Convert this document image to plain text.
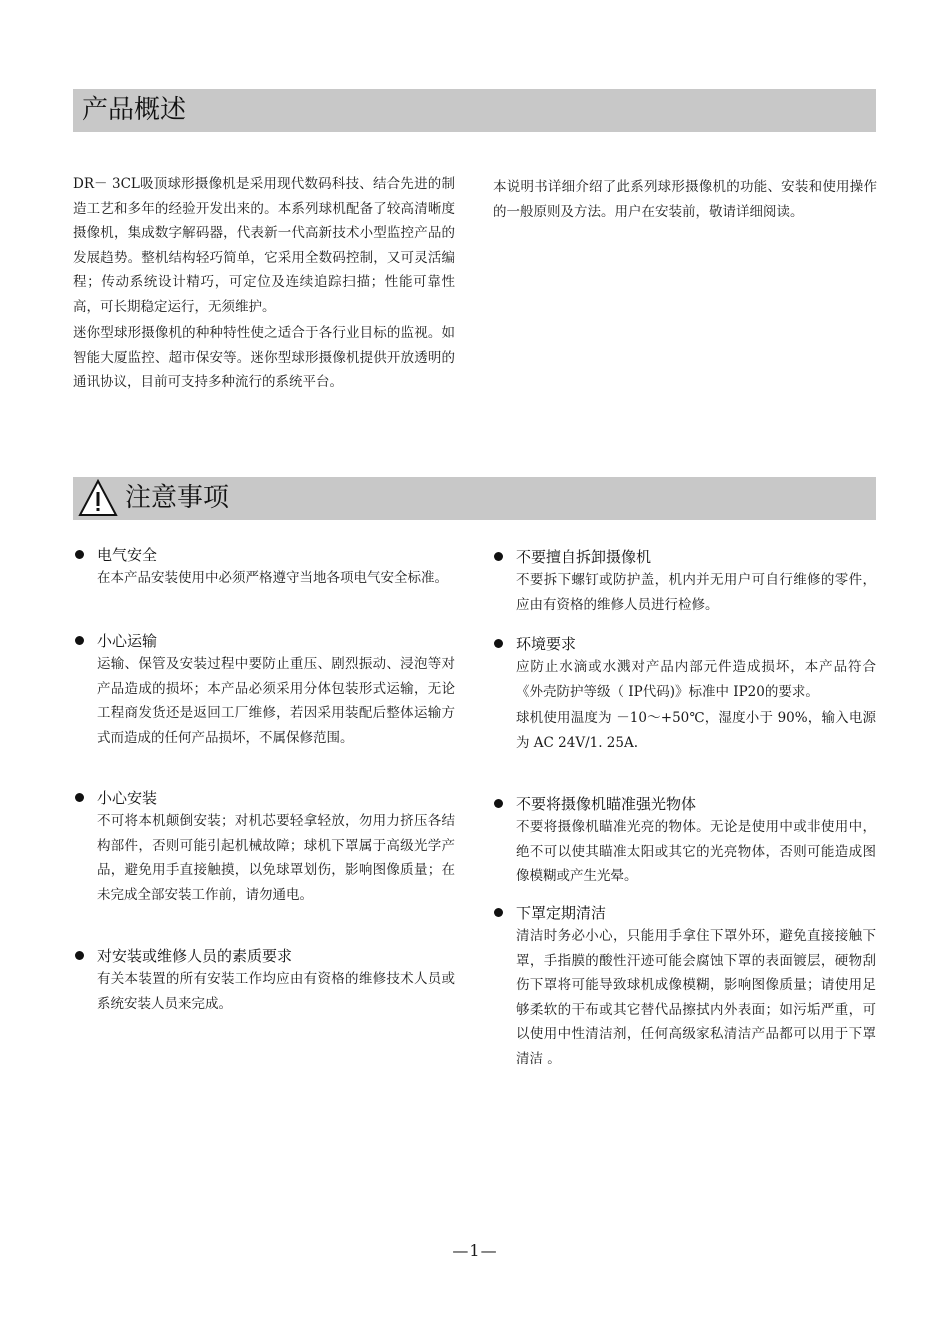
产品概述

DR－ 3CL吸顶球形摄像机是采用现代数码科技、结合先进的制造工艺和多年的经验开发出来的。本系列球机配备了较高清晰度摄像机，集成数字解码器，代表新一代高新技术小型监控产品的发展趋势。整机结构轻巧简单，它采用全数码控制，又可灵活编程；传动系统设计精巧，可定位及连续追踪扫描；性能可靠性高，可长期稳定运行，无须维护。

迷你型球形摄像机的种种特性使之适合于各行业目标的监视。如智能大厦监控、超市保安等。迷你型球形摄像机提供开放透明的通讯协议，目前可支持多种流行的系统平台。

本说明书详细介绍了此系列球形摄像机的功能、安装和使用操作的一般原则及方法。用户在安装前，敬请详细阅读。

注意事项
电气安全

在本产品安装使用中必须严格遵守当地各项电气安全标准。

小心运输

运输、保管及安装过程中要防止重压、剧烈振动、浸泡等对产品造成的损坏；本产品必须采用分体包装形式运输，无论工程商发货还是返回工厂维修，若因采用装配后整体运输方式而造成的任何产品损坏，不属保修范围。

小心安装

不可将本机颠倒安装；对机芯要轻拿轻放，勿用力挤压各结构部件，否则可能引起机械故障；球机下罩属于高级光学产品，避免用手直接触摸，以免球罩划伤，影响图像质量；在未完成全部安装工作前，请勿通电。

对安装或维修人员的素质要求

有关本装置的所有安装工作均应由有资格的维修技术人员或系统安装人员来完成。

不要擅自拆卸摄像机

不要拆下螺钉或防护盖，机内并无用户可自行维修的零件，应由有资格的维修人员进行检修。

环境要求

应防止水滴或水溅对产品内部元件造成损坏，本产品符合《外壳防护等级（ IP代码)》标准中 IP20的要求。

球机使用温度为 －10～+50℃，湿度小于 90%，输入电源为 AC 24V/1. 25A.

不要将摄像机瞄准强光物体

不要将摄像机瞄准光亮的物体。无论是使用中或非使用中，绝不可以使其瞄准太阳或其它的光亮物体，否则可能造成图像模糊或产生光晕。

下罩定期清洁

清洁时务必小心，只能用手拿住下罩外环，避免直接接触下罩，手指膜的酸性汗迹可能会腐蚀下罩的表面镀层，硬物刮伤下罩将可能导致球机成像模糊，影响图像质量；请使用足够柔软的干布或其它替代品擦拭内外表面；如污垢严重，可以使用中性清洁剂，任何高级家私清洁产品都可以用于下罩清洁 。

—1—
